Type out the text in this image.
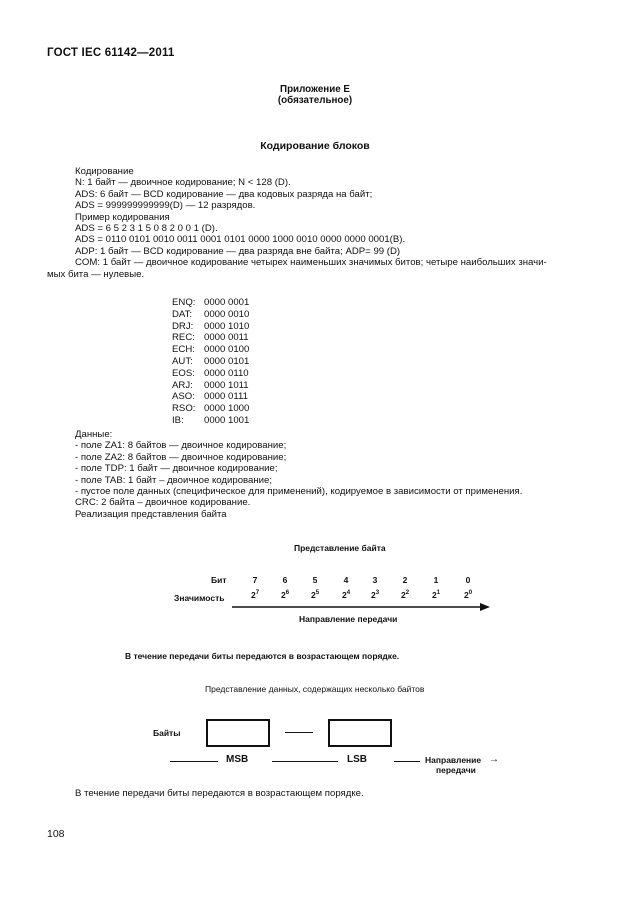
ГОСТ IEC 61142—2011
Приложение Е
(обязательное)
Кодирование блоков
Кодирование
N: 1 байт — двоичное кодирование; N < 128 (D).
ADS: 6 байт — BCD кодирование — два кодовых разряда на байт;
ADS = 999999999999(D) — 12 разрядов.
Пример кодирования
ADS = 6 5 2 3 1 5 0 8 2 0 0 1 (D).
ADS = 0110 0101 0010 0011 0001 0101 0000 1000 0010 0000 0000 0001(B).
ADP: 1 байт — BCD кодирование — два разряда вне байта; ADP= 99 (D)
COM: 1 байт — двоичное кодирование четырех наименьших значимых битов; четыре наибольших значи-
мых бита — нулевые.
ENQ: 0000 0001
DAT:	0000 0010
DRJ:	0000 1010
REC: 0000 0011
ECH: 0000 0100
AUT:	0000 0101
EOS: 0000 0110
ARJ:	0000 1011
ASO: 0000 0111
RSO: 0000 1000
IB:	0000 1001
Данные:
- поле ZA1: 8 байтов — двоичное кодирование;
- поле ZA2: 8 байтов — двоичное кодирование;
- поле TDP: 1 байт — двоичное кодирование;
- поле TAB: 1 байт – двоичное кодирование;
- пустое поле данных (специфическое для применений), кодируемое в зависимости от применения.
CRC: 2 байта – двоичное кодирование.
Реализация представления байта
Представление байта
Бит	7	6	5	4	3	2	1	0
Значимость	$2^7$	$2^6$	$2^5$	$2^4$	$2^3$	$2^2$	$2^1$	$2^0$
Направление передачи
В течение передачи биты передаются в возрастающем порядке.
Представление данных, содержащих несколько байтов
Байты
MSB	LSB	Направление
передачи
→
В течение передачи биты передаются в возрастающем порядке.
108
